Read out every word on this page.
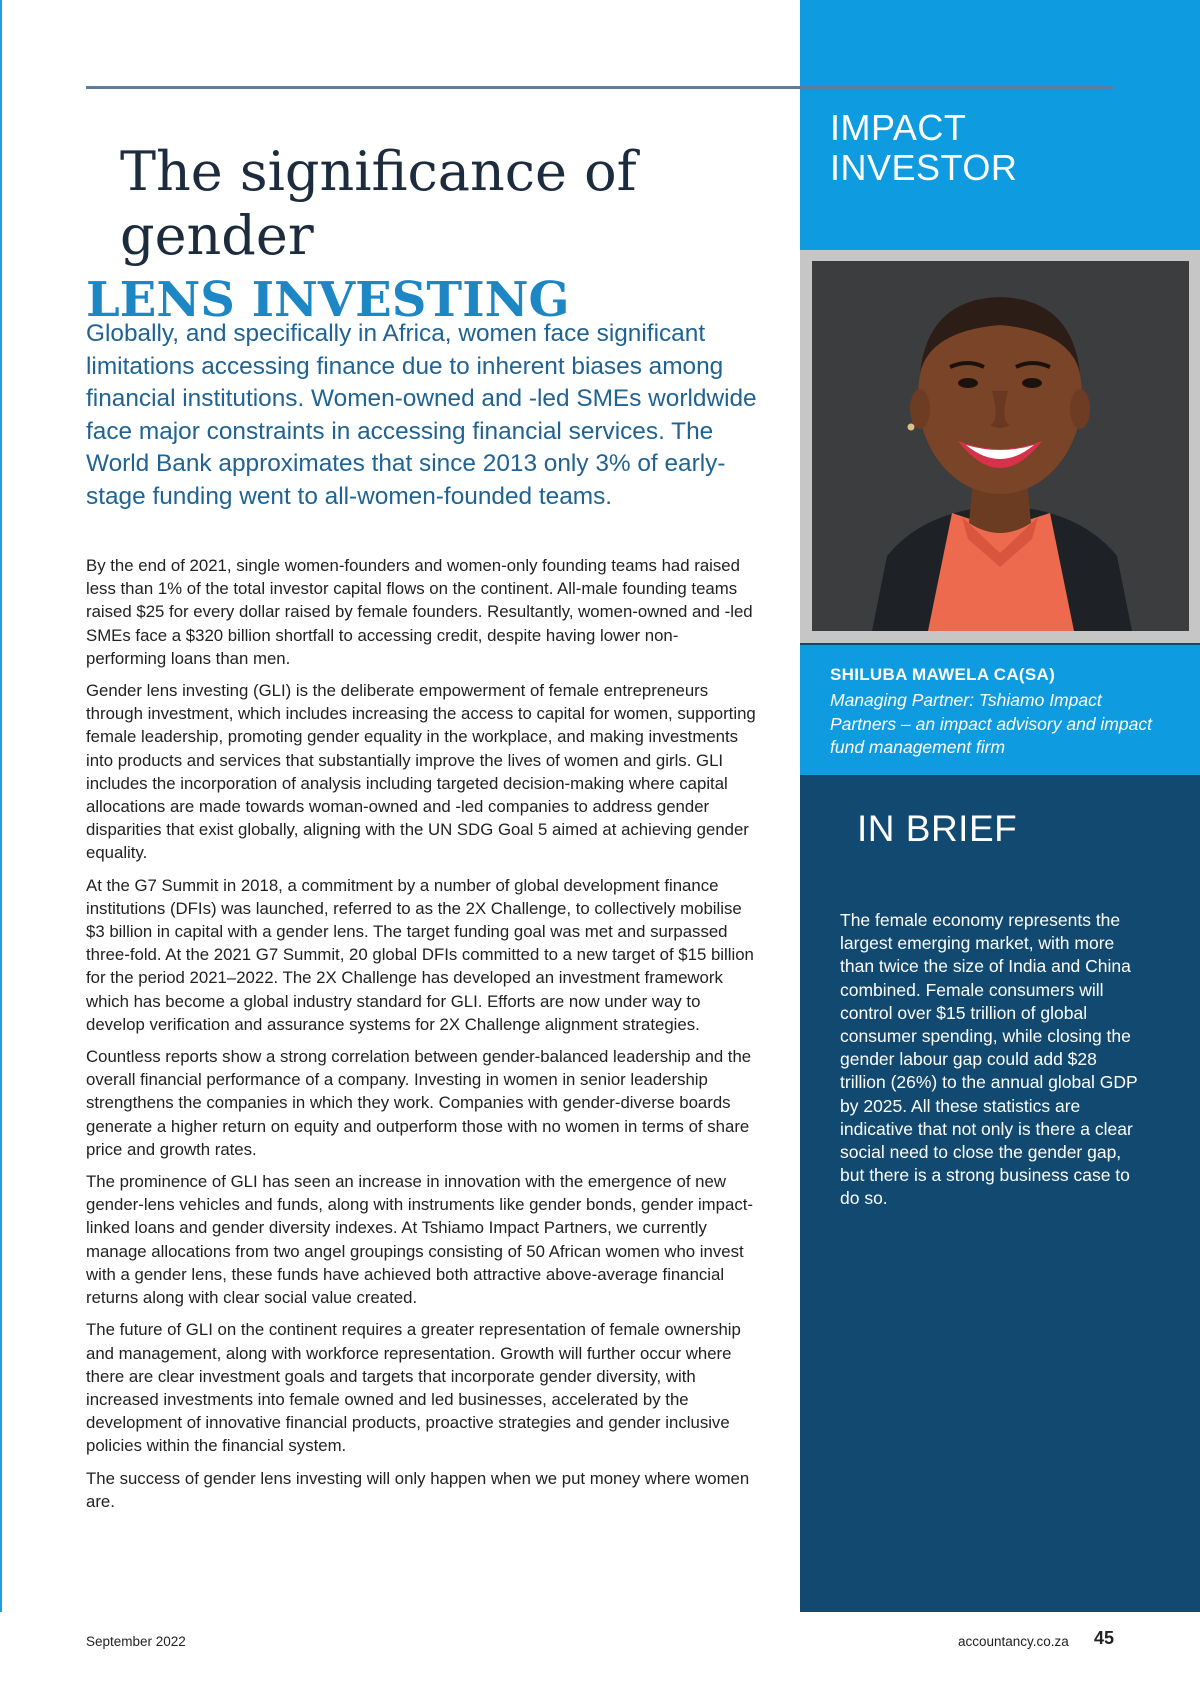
IMPACT
INVESTOR
SHILUBA MAWELA CA(SA)
Managing Partner: Tshiamo Impact Partners – an impact advisory and impact fund management firm
IN BRIEF

The female economy represents the largest emerging market, with more than twice the size of India and China combined. Female consumers will control over $15 trillion of global consumer spending, while closing the gender labour gap could add $28 trillion (26%) to the annual global GDP by 2025. All these statistics are indicative that not only is there a clear social need to close the gender gap, but there is a strong business case to do so.

The significance of gender
LENS INVESTING

Globally, and specifically in Africa, women face significant limitations accessing finance due to inherent biases among financial institutions. Women-owned and -led SMEs worldwide face major constraints in accessing financial services. The World Bank approximates that since 2013 only 3% of early-stage funding went to all-women-founded teams.

By the end of 2021, single women-founders and women-only founding teams had raised less than 1% of the total investor capital flows on the continent. All-male founding teams raised $25 for every dollar raised by female founders. Resultantly, women-owned and -led SMEs face a $320 billion shortfall to accessing credit, despite having lower non-performing loans than men.

Gender lens investing (GLI) is the deliberate empowerment of female entrepreneurs through investment, which includes increasing the access to capital for women, supporting female leadership, promoting gender equality in the workplace, and making investments into products and services that substantially improve the lives of women and girls. GLI includes the incorporation of analysis including targeted decision-making where capital allocations are made towards woman-owned and -led companies to address gender disparities that exist globally, aligning with the UN SDG Goal 5 aimed at achieving gender equality.

At the G7 Summit in 2018, a commitment by a number of global development finance institutions (DFIs) was launched, referred to as the 2X Challenge, to collectively mobilise $3 billion in capital with a gender lens. The target funding goal was met and surpassed three-fold. At the 2021 G7 Summit, 20 global DFIs committed to a new target of $15 billion for the period 2021–2022. The 2X Challenge has developed an investment framework which has become a global industry standard for GLI. Efforts are now under way to develop verification and assurance systems for 2X Challenge alignment strategies.

Countless reports show a strong correlation between gender-balanced leadership and the overall financial performance of a company. Investing in women in senior leadership strengthens the companies in which they work. Companies with gender-diverse boards generate a higher return on equity and outperform those with no women in terms of share price and growth rates.

The prominence of GLI has seen an increase in innovation with the emergence of new gender-lens vehicles and funds, along with instruments like gender bonds, gender impact-linked loans and gender diversity indexes. At Tshiamo Impact Partners, we currently manage allocations from two angel groupings consisting of 50 African women who invest with a gender lens, these funds have achieved both attractive above-average financial returns along with clear social value created.

The future of GLI on the continent requires a greater representation of female ownership and management, along with workforce representation. Growth will further occur where there are clear investment goals and targets that incorporate gender diversity, with increased investments into female owned and led businesses, accelerated by the development of innovative financial products, proactive strategies and gender inclusive policies within the financial system.

The success of gender lens investing will only happen when we put money where women are.

September 2022	accountancy.co.za 45
